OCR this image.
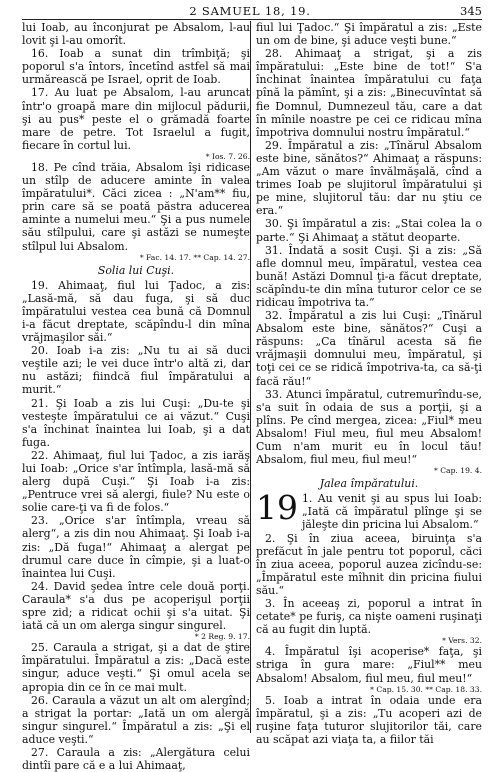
2 SAMUEL 18, 19.	345

lui Ioab, au înconjurat pe Absalom, l-au lovit şi l-au omorît.

16. Ioab a sunat din trîmbiţă; şi poporul s'a întors, încetînd astfel să mai urmărească pe Israel, oprit de Ioab.

17. Au luat pe Absalom, l-au aruncat într'o groapă mare din mijlocul pădurii, şi au pus* peste el o grămadă foarte mare de petre. Tot Israelul a fugit, fiecare în cortul lui.

* Ios. 7. 26.

18. Pe cînd trăia, Absalom îşi ridicase un stîlp de aducere aminte în valea împăratului*. Căci zicea : „N'am** fiu, prin care să se poată păstra aducerea aminte a numelui meu.“ Şi a pus numele său stîlpului, care şi astăzi se numeşte stîlpul lui Absalom.

* Fac. 14. 17. ** Cap. 14. 27.

Solia lui Cuşi.

19. Ahimaaţ, fiul lui Ţadoc, a zis: „Lasă-mă, să dau fuga, şi să duc împăratului vestea cea bună că Domnul i-a făcut dreptate, scăpîndu-l din mîna vrăjmaşilor săi.“

20. Ioab i-a zis: „Nu tu ai să duci veştile azi; le vei duce într'o altă zi, dar nu astăzi; fiindcă fiul împăratului a murit.“

21. Şi Ioab a zis lui Cuşi: „Du-te şi vesteşte împăratului ce ai văzut.“ Cuşi s'a închinat înaintea lui Ioab, şi a dat fuga.

22. Ahimaaţ, fiul lui Ţadoc, a zis iarăş lui Ioab: „Orice s'ar întîmpla, lasă-mă să alerg după Cuşi.“ Şi Ioab i-a zis: „Pentruce vrei să alergi, fiule? Nu este o solie care-ţi va fi de folos.“

23. „Orice s'ar întîmpla, vreau să alerg“, a zis din nou Ahimaaţ. Şi Ioab i-a zis: „Dă fuga!“ Ahimaaţ a alergat pe drumul care duce în cîmpie, şi a luat-o înaintea lui Cuşi.

24. David şedea între cele două porţi. Caraula* s'a dus pe acoperişul porţii spre zid; a ridicat ochii şi s'a uitat. Şi iată că un om alerga singur singurel.

* 2 Reg. 9. 17.

25. Caraula a strigat, şi a dat de ştire împăratului. Împăratul a zis: „Dacă este singur, aduce veşti.“ Şi omul acela se apropia din ce în ce mai mult.

26. Caraula a văzut un alt om alergînd; a strigat la portar: „Iată un om alergă singur singurel.“ Împăratul a zis: „Şi el aduce veşti.“

27. Caraula a zis: „Alergătura celui dintîi pare că e a lui Ahimaaţ,

fiul lui Ţadoc.“ Şi împăratul a zis: „Este un om de bine, şi aduce veşti bune.“

28. Ahimaaţ a strigat, şi a zis împăratului: „Este bine de tot!“ S'a închinat înaintea împăratului cu faţa pînă la pămînt, şi a zis: „Binecuvîntat să fie Domnul, Dumnezeul tău, care a dat în mînile noastre pe cei ce ridicau mîna împotriva domnului nostru împăratul.“

29. Împăratul a zis: „Tînărul Absalom este bine, sănătos?“ Ahimaaţ a răspuns: „Am văzut o mare învălmăşală, cînd a trimes Ioab pe slujitorul împăratului şi pe mine, slujitorul tău: dar nu ştiu ce era.“

30. Şi împăratul a zis: „Stai colea la o parte.“ Şi Ahimaaţ a stătut deoparte.

31. Îndată a sosit Cuşi. Şi a zis: „Să afle domnul meu, împăratul, vestea cea bună! Astăzi Domnul ţi-a făcut dreptate, scăpîndu-te din mîna tuturor celor ce se ridicau împotriva ta.“

32. Împăratul a zis lui Cuşi: „Tînărul Absalom este bine, sănătos?“ Cuşi a răspuns: „Ca tînărul acesta să fie vrăjmaşii domnului meu, împăratul, şi toţi cei ce se ridică împotriva-ta, ca să-ţi facă rău!“

33. Atunci împăratul, cutremurîndu-se, s'a suit în odaia de sus a porţii, şi a plîns. Pe cînd mergea, zicea: „Fiul* meu Absalom! Fiul meu, fiul meu Absalom! Cum n'am murit eu în locul tău! Absalom, fiul meu, fiul meu!“

* Cap. 19. 4.

Jalea împăratului.

19 1. Au venit şi au spus lui Ioab: „Iată că împăratul plînge şi se jăleşte din pricina lui Absalom.“

2. Şi în ziua aceea, biruinţa s'a prefăcut în jale pentru tot poporul, căci în ziua aceea, poporul auzea zicîndu-se: „Împăratul este mîhnit din pricina fiului său.“

3. În aceeaş zi, poporul a intrat în cetate* pe furiş, ca nişte oameni ruşinaţi că au fugit din luptă.

* Vers. 32.

4. Împăratul îşi acoperise* faţa, şi striga în gura mare: „Fiul** meu Absalom! Absalom, fiul meu, fiul meu!“

* Cap. 15. 30. ** Cap. 18. 33.

5. Ioab a intrat în odaia unde era împăratul, şi a zis: „Tu acoperi azi de ruşine faţa tuturor slujitorilor tăi, care au scăpat azi viaţa ta, a fiilor tăi
